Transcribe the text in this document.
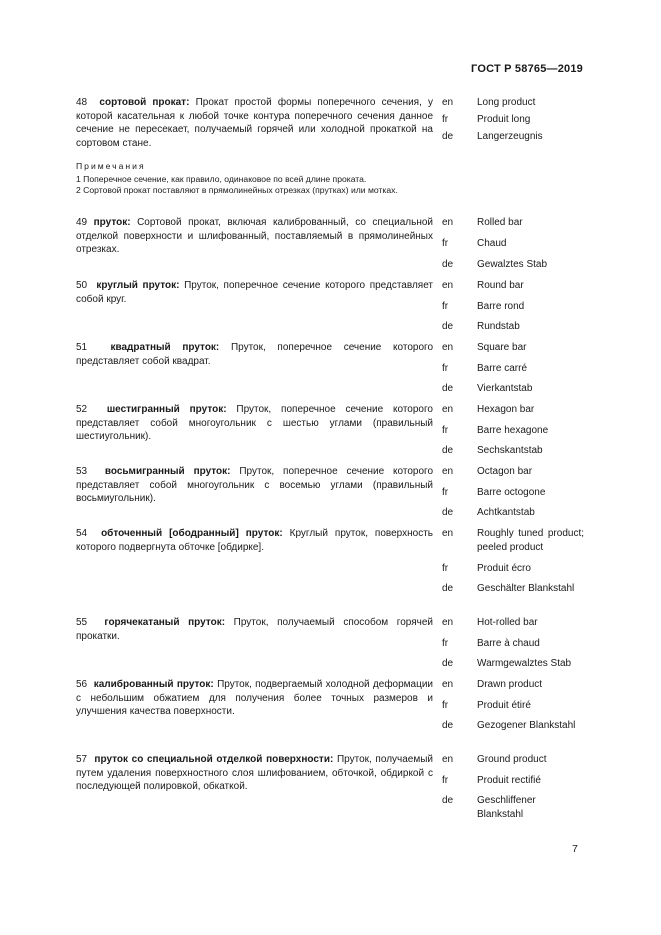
ГОСТ Р 58765—2019
48 сортовой прокат: Прокат простой формы поперечного сечения, у которой касательная к любой точке контура поперечного сечения данное сечение не пересекает, получаемый горячей или холодной прокаткой на сортовом стане.
en	Long product
fr	Produit long
de	Langerzeugnis
Примечания

1 Поперечное сечение, как правило, одинаковое по всей длине проката.

2 Сортовой прокат поставляют в прямолинейных отрезках (прутках) или мотках.

49 пруток: Сортовой прокат, включая калиброванный, со специальной отделкой поверхности и шлифованный, поставляемый в прямолинейных отрезках.
en	Rolled bar
fr	Chaud
de	Gewalztes Stab
50 круглый пруток: Пруток, поперечное сечение которого представляет собой круг.
en	Round bar
fr	Barre rond
de	Rundstab
51 квадратный пруток: Пруток, поперечное сечение которого представляет собой квадрат.
en	Square bar
fr	Barre carré
de	Vierkantstab
52 шестигранный пруток: Пруток, поперечное сечение которого представляет собой многоугольник с шестью углами (правильный шестиугольник).
en	Hexagon bar
fr	Barre hexagone
de	Sechskantstab
53 восьмигранный пруток: Пруток, поперечное сечение которого представляет собой многоугольник с восемью углами (правильный восьмиугольник).
en	Octagon bar
fr	Barre octogone
de	Achtkantstab
54 обточенный [ободранный] пруток: Круглый пруток, поверхность которого подвергнута обточке [обдирке].
en	Roughly tuned product; peeled product
fr	Produit écro
de	Geschälter Blankstahl
55 горячекатаный пруток: Пруток, получаемый способом горячей прокатки.
en	Hot-rolled bar
fr	Barre à chaud
de	Warmgewalztes Stab
56 калиброванный пруток: Пруток, подвергаемый холодной деформации с небольшим обжатием для получения более точных размеров и улучшения качества поверхности.
en	Drawn product
fr	Produit étiré
de	Gezogener Blankstahl
57 пруток со специальной отделкой поверхности: Пруток, получаемый путем удаления поверхностного слоя шлифованием, обточкой, обдиркой с последующей полировкой, обкаткой.
en	Ground product
fr	Produit rectifié
de	Geschliffener Blankstahl
7
